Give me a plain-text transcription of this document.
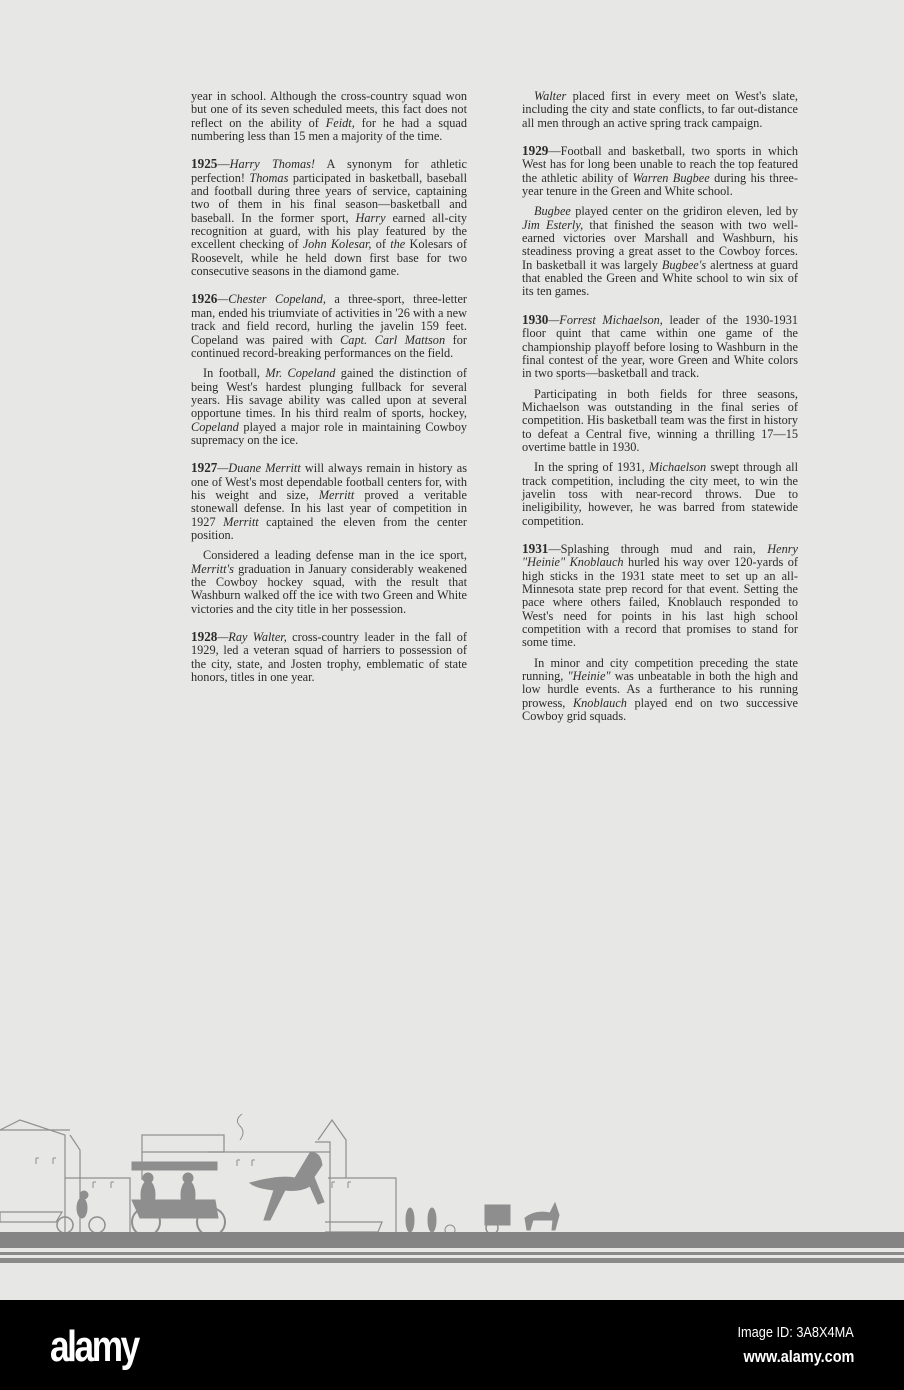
year in school. Although the cross-country squad won but one of its seven scheduled meets, this fact does not reflect on the ability of Feidt, for he had a squad numbering less than 15 men a majority of the time.

1925—Harry Thomas! A synonym for athletic perfection! Thomas participated in basketball, baseball and football during three years of service, captaining two of them in his final season—basketball and baseball. In the former sport, Harry earned all-city recognition at guard, with his play featured by the excellent checking of John Kolesar, of the Kolesars of Roosevelt, while he held down first base for two consecutive seasons in the diamond game.

1926—Chester Copeland, a three-sport, three-letter man, ended his triumviate of activities in '26 with a new track and field record, hurling the javelin 159 feet. Copeland was paired with Capt. Carl Mattson for continued record-breaking performances on the field.

In football, Mr. Copeland gained the distinction of being West's hardest plunging fullback for several years. His savage ability was called upon at several opportune times. In his third realm of sports, hockey, Copeland played a major role in maintaining Cowboy supremacy on the ice.

1927—Duane Merritt will always remain in history as one of West's most dependable football centers for, with his weight and size, Merritt proved a veritable stonewall defense. In his last year of competition in 1927 Merritt captained the eleven from the center position.

Considered a leading defense man in the ice sport, Merritt's graduation in January considerably weakened the Cowboy hockey squad, with the result that Washburn walked off the ice with two Green and White victories and the city title in her possession.

1928—Ray Walter, cross-country leader in the fall of 1929, led a veteran squad of harriers to possession of the city, state, and Josten trophy, emblematic of state honors, titles in one year.

Walter placed first in every meet on West's slate, including the city and state conflicts, to far out-distance all men through an active spring track campaign.

1929—Football and basketball, two sports in which West has for long been unable to reach the top featured the athletic ability of Warren Bugbee during his three-year tenure in the Green and White school.

Bugbee played center on the gridiron eleven, led by Jim Esterly, that finished the season with two well-earned victories over Marshall and Washburn, his steadiness proving a great asset to the Cowboy forces. In basketball it was largely Bugbee's alertness at guard that enabled the Green and White school to win six of its ten games.

1930—Forrest Michaelson, leader of the 1930-1931 floor quint that came within one game of the championship playoff before losing to Washburn in the final contest of the year, wore Green and White colors in two sports—basketball and track.

Participating in both fields for three seasons, Michaelson was outstanding in the final series of competition. His basketball team was the first in history to defeat a Central five, winning a thrilling 17—15 overtime battle in 1930.

In the spring of 1931, Michaelson swept through all track competition, including the city meet, to win the javelin toss with near-record throws. Due to ineligibility, however, he was barred from statewide competition.

1931—Splashing through mud and rain, Henry "Heinie" Knoblauch hurled his way over 120-yards of high sticks in the 1931 state meet to set up an all-Minnesota state prep record for that event. Setting the pace where others failed, Knoblauch responded to West's need for points in his last high school competition with a record that promises to stand for some time.

In minor and city competition preceding the state running, "Heinie" was unbeatable in both the high and low hurdle events. As a furtherance to his running prowess, Knoblauch played end on two successive Cowboy grid squads.

alamy	Image ID: 3A8X4MA
www.alamy.com
